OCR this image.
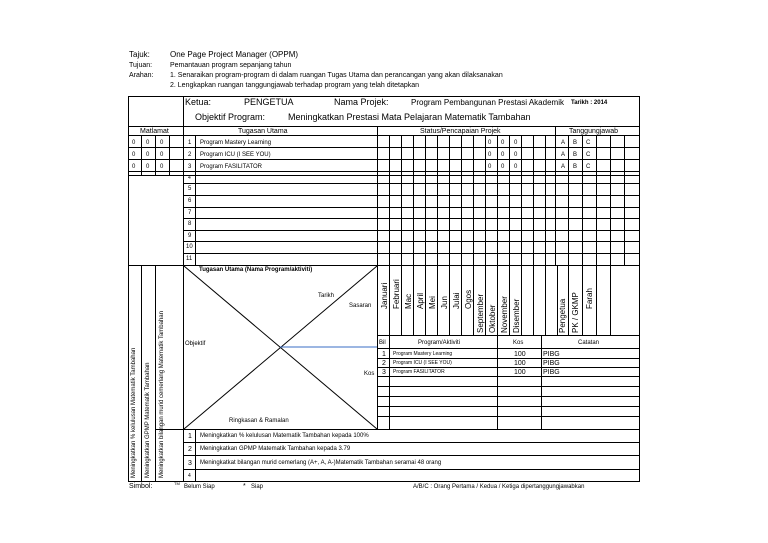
Tajuk:	One Page Project Manager (OPPM)
Tujuan:	Pemantauan program sepanjang tahun
Arahan: 1. Senaraikan program-program di dalam ruangan Tugas Utama dan perancangan yang akan dilaksanakan
2. Lengkapkan ruangan tanggungjawab terhadap program yang telah ditetapkan
Ketua:	PENGETUA	Nama Projek:	Program Pembangunan Prestasi Akademik Tarikh : 2014
Objektif Program:	Meningkatkan Prestasi Mata Pelajaran Matematik Tambahan
Matlamat	Tugasan Utama	Status/Pencapaian Projek	Tanggungjawab
0 0 0	1 Program Mastery Learning	0 0 0	A B C
0 0 0	2 Program ICU (I SEE YOU)	0 0 0	A B C
0 0 0	3 Program FASILITATOR	0 0 0	A B C
4
5
6
7
8
9
10
11
Meningkatkan % kelulusan Matematik Tambahan	Meningkatkan GPMP Matematik Tambahan	Meningkatkan bilangan murid cemerlang Matematik Tambahan
Tugasan Utama (Nama Program/aktiviti)
Tarikh
Sasaran
Objektif
Kos
Ringkasan & Ramalan
Januari Februari Mac April Mei Jun Julai Ogos September Oktober November Disember	Pengetua PK / GKMP Farah
Bil	Program/Aktiviti	Kos	Catatan
1 Program Mastery Learning	100 PIBG
2 Program ICU (I SEE YOU)	100 PIBG
3 Program FASILITATOR	100 PIBG
1 Meningkatkan % kelulusan Matematik Tambahan kepada 100%
2 Meningkatkan GPMP Matematik Tambahan kepada 3.79
3 Meningkatkat bilangan murid cemerlang (A+, A, A-)Matematik Tambahan seramai 48 orang
4
Simbol:	TM
Belum Siap	* Siap	A/B/C : Orang Pertama / Kedua / Ketiga dipertanggungjawabkan
